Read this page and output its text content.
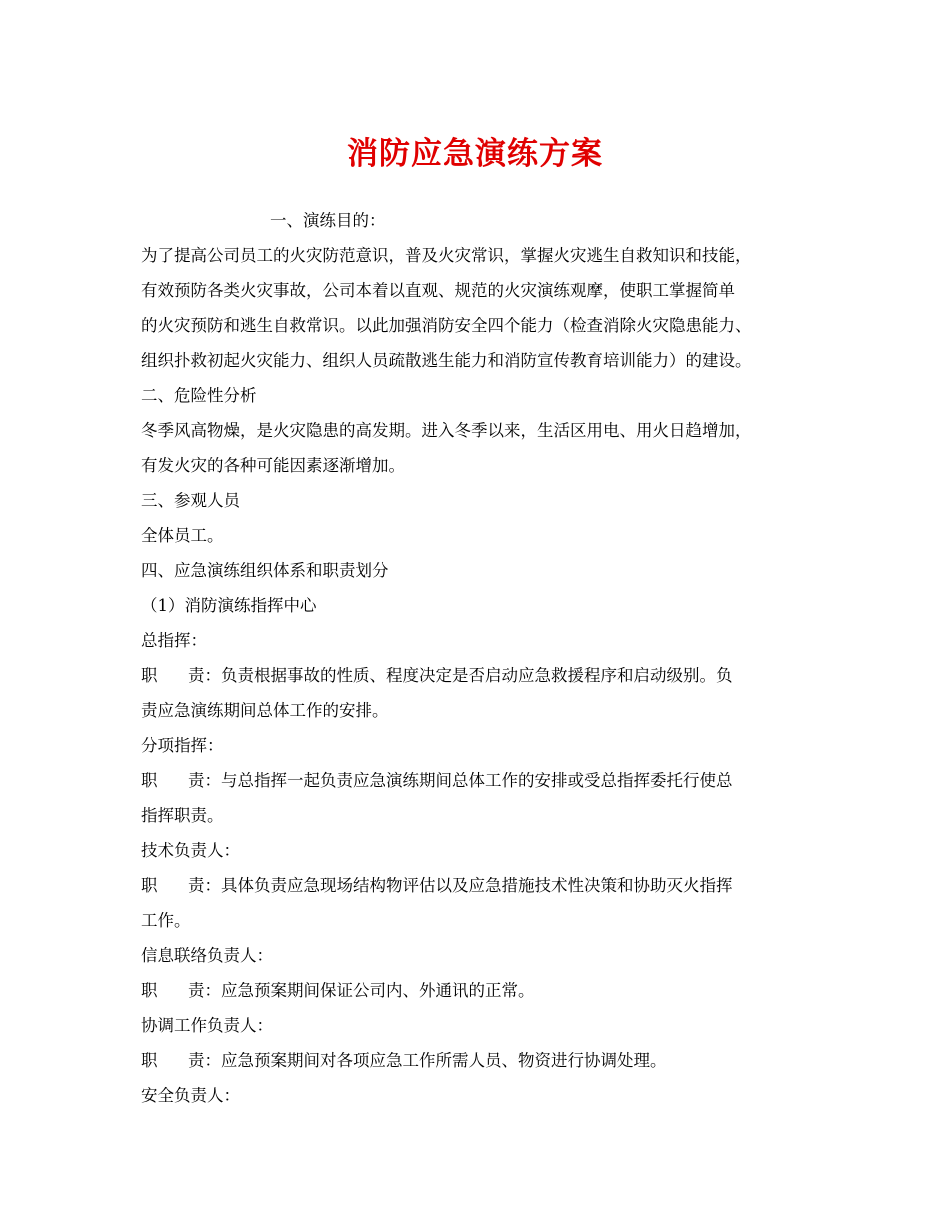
消防应急演练方案
一、演练目的：
为了提高公司员工的火灾防范意识，普及火灾常识，掌握火灾逃生自救知识和技能，
有效预防各类火灾事故，公司本着以直观、规范的火灾演练观摩，使职工掌握简单
的火灾预防和逃生自救常识。以此加强消防安全四个能力（检查消除火灾隐患能力、
组织扑救初起火灾能力、组织人员疏散逃生能力和消防宣传教育培训能力）的建设。
二、危险性分析
冬季风高物燥，是火灾隐患的高发期。进入冬季以来，生活区用电、用火日趋增加，
有发火灾的各种可能因素逐渐增加。
三、参观人员
全体员工。
四、应急演练组织体系和职责划分
（1）消防演练指挥中心
总指挥：
职 责：负责根据事故的性质、程度决定是否启动应急救援程序和启动级别。负
责应急演练期间总体工作的安排。
分项指挥：
职 责：与总指挥一起负责应急演练期间总体工作的安排或受总指挥委托行使总
指挥职责。
技术负责人：
职 责：具体负责应急现场结构物评估以及应急措施技术性决策和协助灭火指挥
工作。
信息联络负责人：
职 责：应急预案期间保证公司内、外通讯的正常。
协调工作负责人：
职 责：应急预案期间对各项应急工作所需人员、物资进行协调处理。
安全负责人：
